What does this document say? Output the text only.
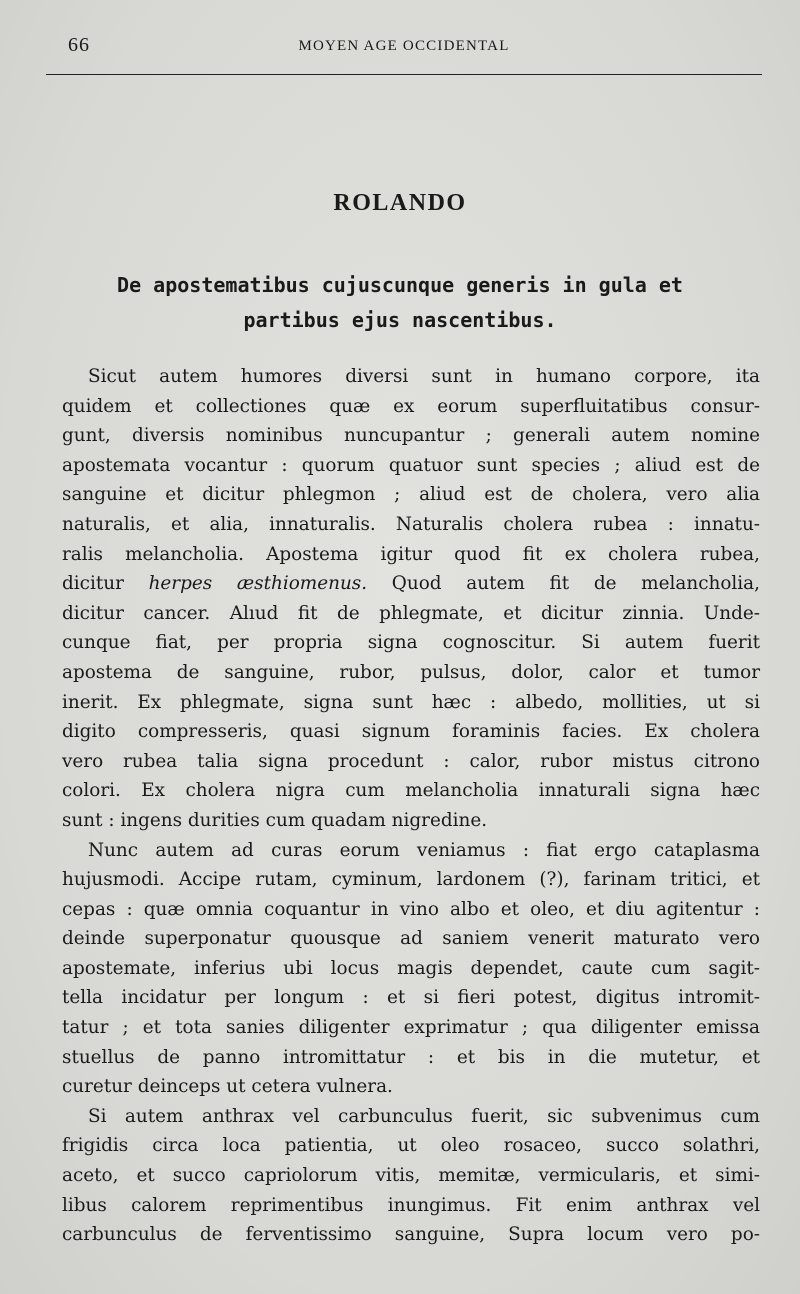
66	MOYEN AGE OCCIDENTAL
ROLANDO
De apostematibus cujuscunque generis in gula et
partibus ejus nascentibus.

Sicut autem humores diversi sunt in humano corpore, ita
quidem et collectiones quæ ex eorum superfluitatibus consur-
gunt, diversis nominibus nuncupantur ; generali autem nomine
apostemata vocantur : quorum quatuor sunt species ; aliud est de
sanguine et dicitur phlegmon ; aliud est de cholera, vero alia
naturalis, et alia, innaturalis. Naturalis cholera rubea : innatu-
ralis melancholia. Apostema igitur quod fit ex cholera rubea,
dicitur herpes æsthiomenus. Quod autem fit de melancholia,
dicitur cancer. Alıud fit de phlegmate, et dicitur zinnia. Unde-
cunque fiat, per propria signa cognoscitur. Si autem fuerit
apostema de sanguine, rubor, pulsus, dolor, calor et tumor
inerit. Ex phlegmate, signa sunt hæc : albedo, mollities, ut si
digito compresseris, quasi signum foraminis facies. Ex cholera
vero rubea talia signa procedunt : calor, rubor mistus citrono
colori. Ex cholera nigra cum melancholia innaturali signa hæc
sunt : ingens durities cum quadam nigredine.

Nunc autem ad curas eorum veniamus : fiat ergo cataplasma
hujusmodi. Accipe rutam, cyminum, lardonem (?), farinam tritici, et
cepas : quæ omnia coquantur in vino albo et oleo, et diu agitentur :
deinde superponatur quousque ad saniem venerit maturato vero
apostemate, inferius ubi locus magis dependet, caute cum sagit-
tella incidatur per longum : et si fieri potest, digitus intromit-
tatur ; et tota sanies diligenter exprimatur ; qua diligenter emissa
stuellus de panno intromittatur : et bis in die mutetur, et
curetur deinceps ut cetera vulnera.

Si autem anthrax vel carbunculus fuerit, sic subvenimus cum
frigidis circa loca patientia, ut oleo rosaceo, succo solathri,
aceto, et succo capriolorum vitis, memitæ, vermicularis, et simi-
libus calorem reprimentibus inungimus. Fit enim anthrax vel
carbunculus de ferventissimo sanguine, Supra locum vero po-
